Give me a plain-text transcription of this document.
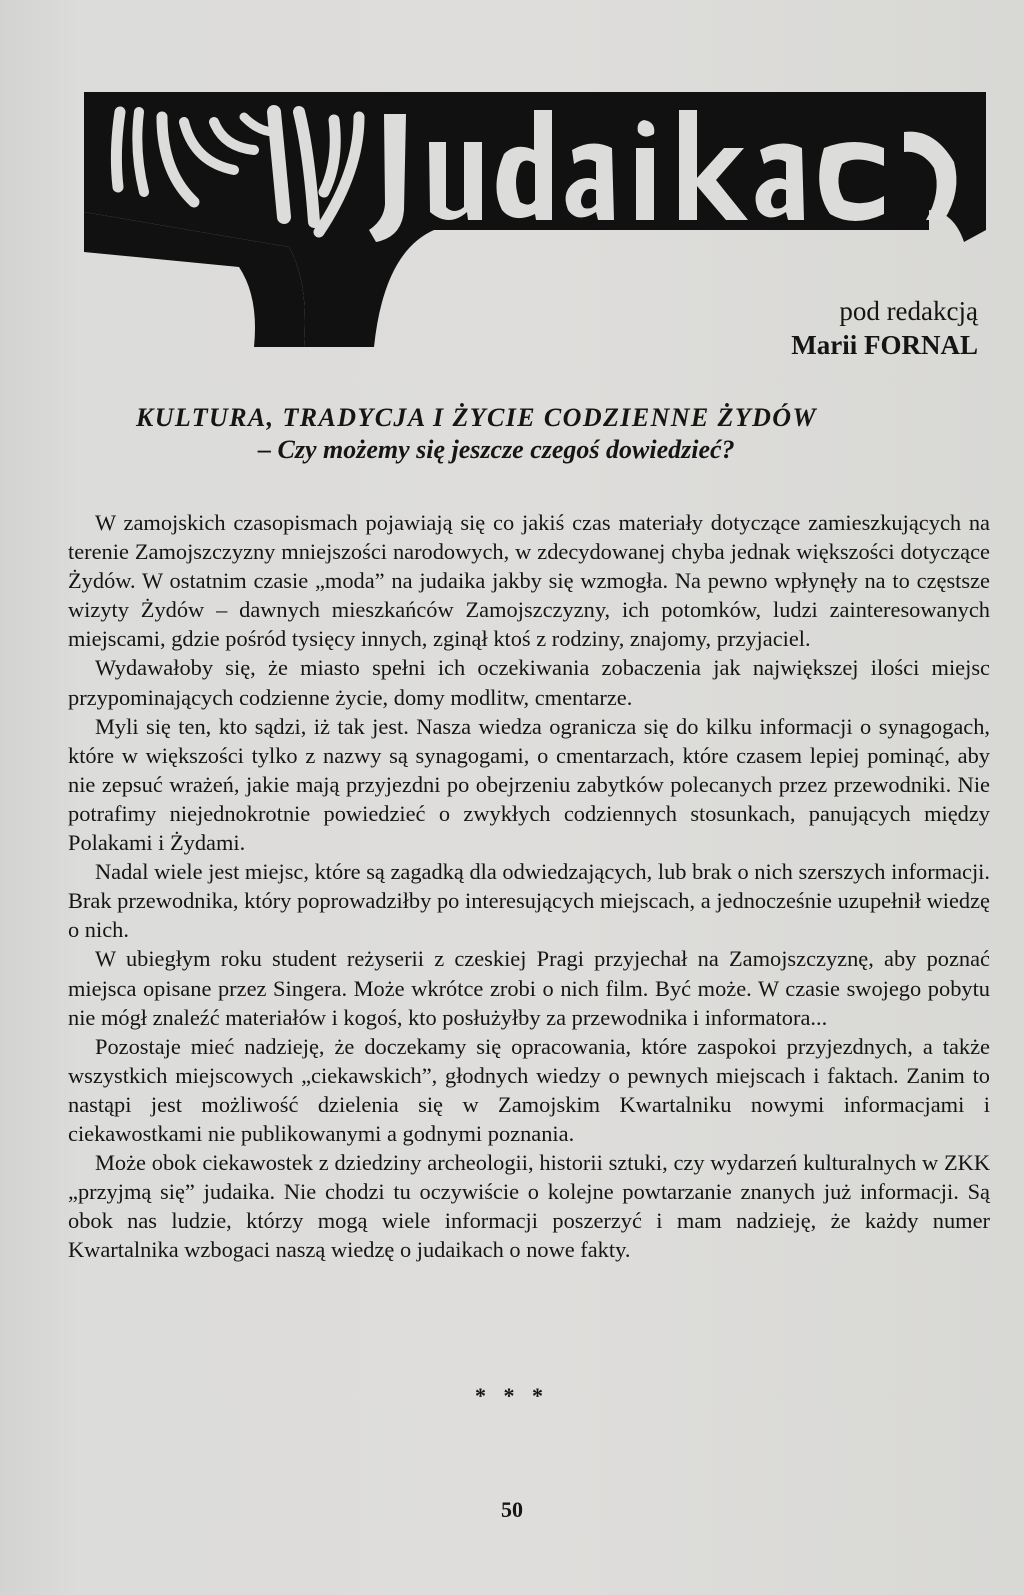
pod redakcją
Marii FORNAL
KULTURA, TRADYCJA I ŻYCIE CODZIENNE ŻYDÓW
– Czy możemy się jeszcze czegoś dowiedzieć?

W zamojskich czasopismach pojawiają się co jakiś czas materiały dotyczące zamieszkujących na terenie Zamojszczyzny mniejszości narodowych, w zdecydowanej chyba jednak większości dotyczące Żydów. W ostatnim czasie „moda” na judaika jakby się wzmogła. Na pewno wpłynęły na to częstsze wizyty Żydów – dawnych mieszkańców Zamojszczyzny, ich potomków, ludzi zainteresowanych miejscami, gdzie pośród tysięcy innych, zginął ktoś z rodziny, znajomy, przyjaciel.

Wydawałoby się, że miasto spełni ich oczekiwania zobaczenia jak największej ilości miejsc przypominających codzienne życie, domy modlitw, cmentarze.

Myli się ten, kto sądzi, iż tak jest. Nasza wiedza ogranicza się do kilku informacji o synagogach, które w większości tylko z nazwy są synagogami, o cmentarzach, które czasem lepiej pominąć, aby nie zepsuć wrażeń, jakie mają przyjezdni po obejrzeniu zabytków polecanych przez przewodniki. Nie potrafimy niejednokrotnie powiedzieć o zwykłych codziennych stosunkach, panujących między Polakami i Żydami.

Nadal wiele jest miejsc, które są zagadką dla odwiedzających, lub brak o nich szerszych informacji. Brak przewodnika, który poprowadziłby po interesujących miejscach, a jednocześnie uzupełnił wiedzę o nich.

W ubiegłym roku student reżyserii z czeskiej Pragi przyjechał na Zamojszczyznę, aby poznać miejsca opisane przez Singera. Może wkrótce zrobi o nich film. Być może. W czasie swojego pobytu nie mógł znaleźć materiałów i kogoś, kto posłużyłby za przewodnika i informatora...

Pozostaje mieć nadzieję, że doczekamy się opracowania, które zaspokoi przyjezdnych, a także wszystkich miejscowych „ciekawskich”, głodnych wiedzy o pewnych miejscach i faktach. Zanim to nastąpi jest możliwość dzielenia się w Zamojskim Kwartalniku nowymi informacjami i ciekawostkami nie publikowanymi a godnymi poznania.

Może obok ciekawostek z dziedziny archeologii, historii sztuki, czy wydarzeń kulturalnych w ZKK „przyjmą się” judaika. Nie chodzi tu oczywiście o kolejne powtarzanie znanych już informacji. Są obok nas ludzie, którzy mogą wiele informacji poszerzyć i mam nadzieję, że każdy numer Kwartalnika wzbogaci naszą wiedzę o judaikach o nowe fakty.

* * *
50
